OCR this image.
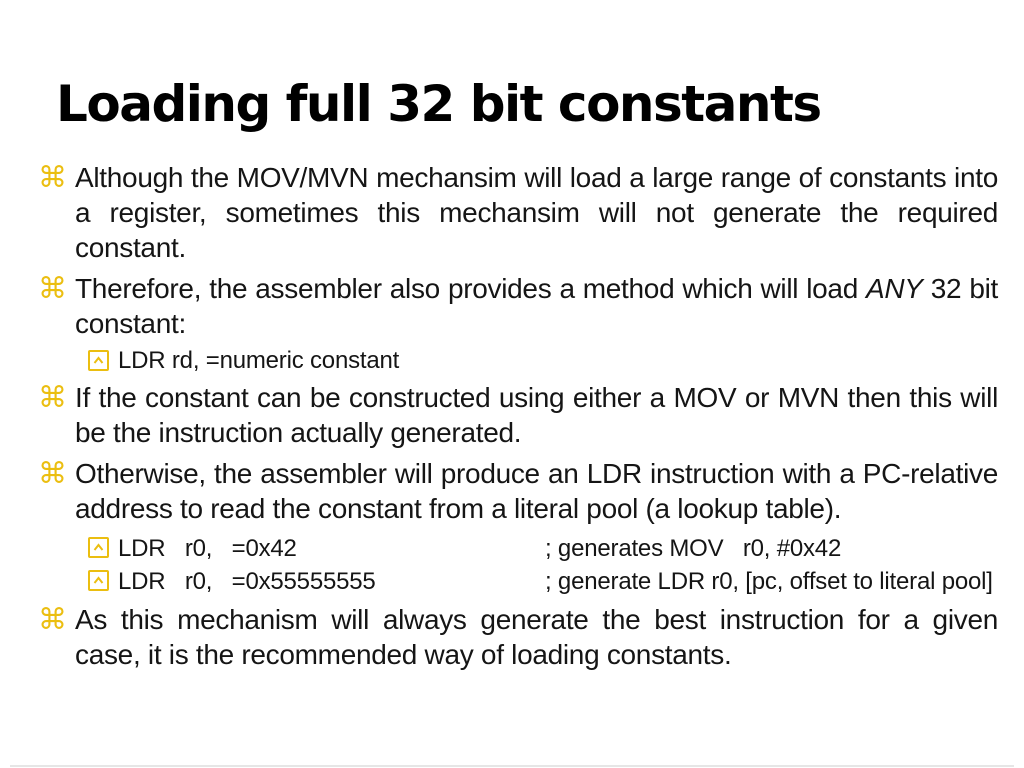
Loading full 32 bit constants
⌘ Although the MOV/MVN mechansim will load a large range of constants into a register, sometimes this mechansim will not generate the required constant.
⌘ Therefore, the assembler also provides a method which will load ANY 32 bit constant:
LDR rd, =numeric constant
⌘ If the constant can be constructed using either a MOV or MVN then this will be the instruction actually generated.
⌘ Otherwise, the assembler will produce an LDR instruction with a PC-relative address to read the constant from a literal pool (a lookup table).
LDR   r0,   =0x42	; generates MOV   r0, #0x42
LDR   r0,   =0x55555555	; generate LDR r0, [pc, offset to literal pool]
⌘ As this mechanism will always generate the best instruction for a given case, it is the recommended way of loading constants.
